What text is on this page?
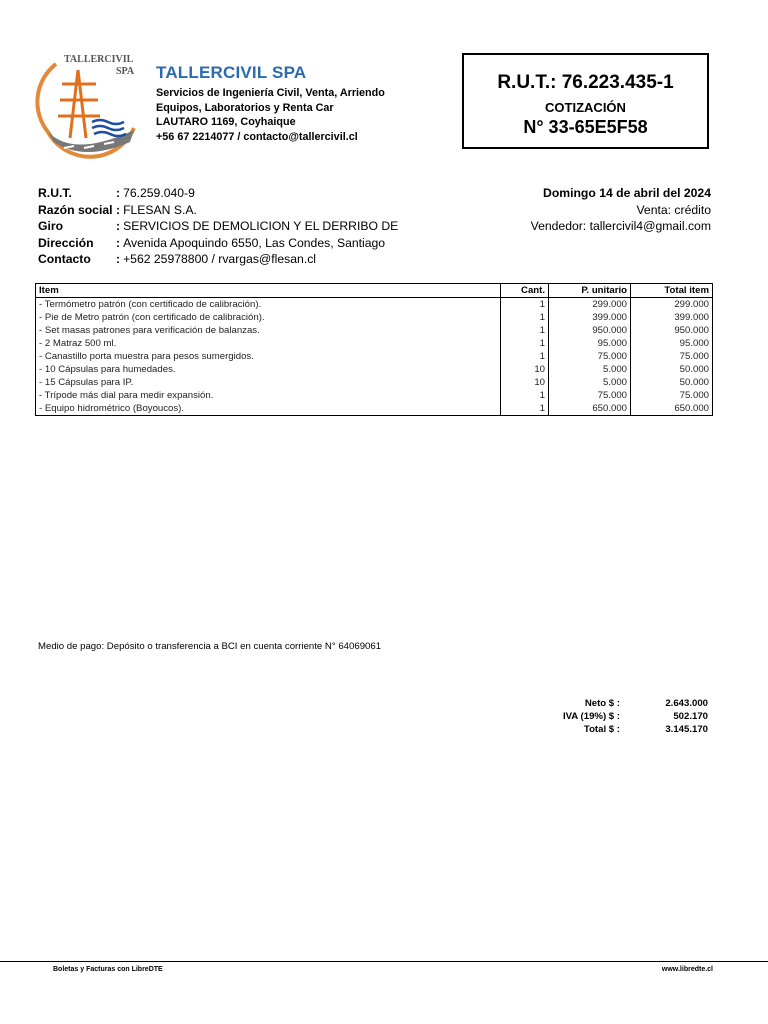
TALLERCIVIL
SPA TALLERCIVIL SPA
Servicios de Ingeniería Civil, Venta, Arriendo
Equipos, Laboratorios y Renta Car
LAUTARO 1169, Coyhaique
+56 67 2214077 / contacto@tallercivil.cl
R.U.T.: 76.223.435-1
COTIZACIÓN
N° 33-65E5F58
R.U.T.	: 76.259.040-9
Razón social : FLESAN S.A.
Giro	: SERVICIOS DE DEMOLICION Y EL DERRIBO DE
Dirección	: Avenida Apoquindo 6550, Las Condes, Santiago
Contacto	: +562 25978800 / rvargas@flesan.cl
Domingo 14 de abril del 2024
Venta: crédito
Vendedor: tallercivil4@gmail.com
Item	Cant.	P. unitario	Total item
- Termómetro patrón (con certificado de calibración).	1	299.000	299.000
- Pie de Metro patrón (con certificado de calibración).	1	399.000	399.000
- Set masas patrones para verificación de balanzas.	1	950.000	950.000
- 2 Matraz 500 ml.	1	95.000	95.000
- Canastillo porta muestra para pesos sumergidos.	1	75.000	75.000
- 10 Cápsulas para humedades.	10	5.000	50.000
- 15 Cápsulas para IP.	10	5.000	50.000
- Trípode más dial para medir expansión.	1	75.000	75.000
- Equipo hidrométrico (Boyoucos).	1	650.000	650.000
Medio de pago: Depósito o transferencia a BCI en cuenta corriente N° 64069061
Neto $ :	2.643.000
IVA (19%) $ :	502.170
Total $ :	3.145.170
Boletas y Facturas con LibreDTE	www.libredte.cl
